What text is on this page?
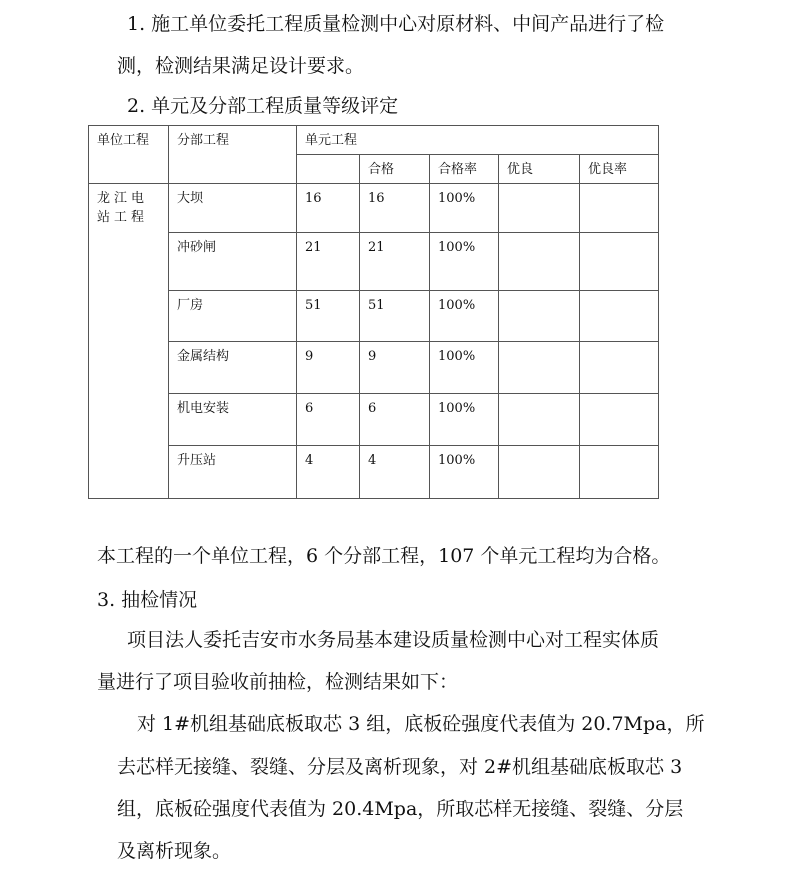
1. 施工单位委托工程质量检测中心对原材料、中间产品进行了检
测，检测结果满足设计要求。
2. 单元及分部工程质量等级评定
单位工程	分部工程	单元工程				
			合格	合格率	优良	优良率
龙江电站工程	大坝	16	16	100%		
	冲砂闸	21	21	100%		
	厂房	51	51	100%		
	金属结构	9	9	100%		
	机电安装	6	6	100%		
	升压站	4	4	100%		
本工程的一个单位工程，6 个分部工程，107 个单元工程均为合格。
3. 抽检情况
项目法人委托吉安市水务局基本建设质量检测中心对工程实体质
量进行了项目验收前抽检，检测结果如下：
对 1#机组基础底板取芯 3 组，底板砼强度代表值为 20.7Mpa，所
去芯样无接缝、裂缝、分层及离析现象，对 2#机组基础底板取芯 3
组，底板砼强度代表值为 20.4Mpa，所取芯样无接缝、裂缝、分层
及离析现象。
